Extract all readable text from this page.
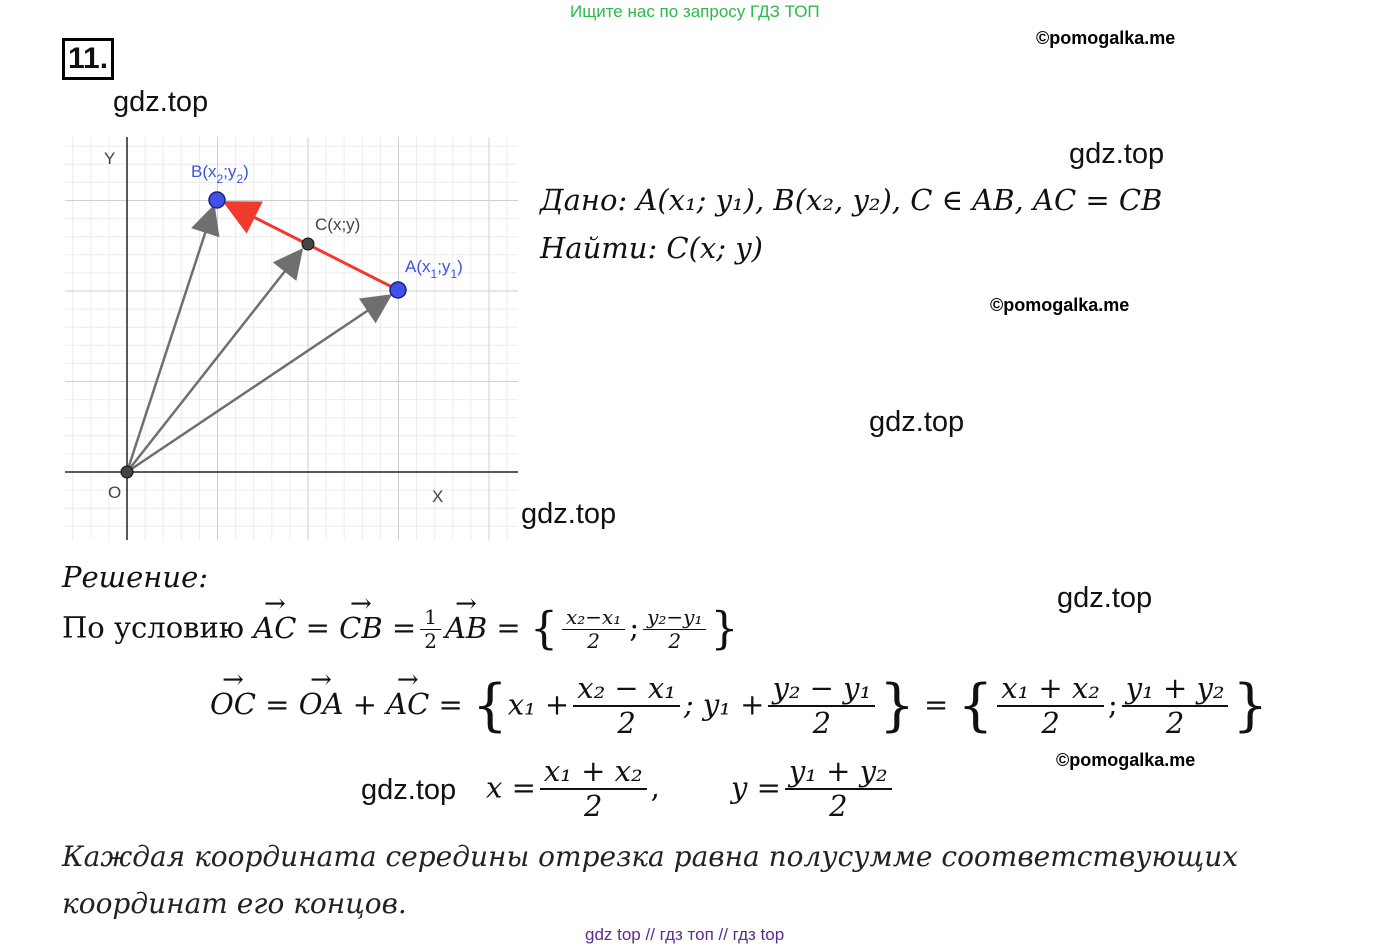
Ищите нас по запросу ГДЗ ТОП
11.
©pomogalka.me
gdz.top
Y
X
O
C(x;y)
$B(x_2;y_2)$
$A(x_1;y_1)$
gdz.top
Дано: A(x₁; y₁), B(x₂, y₂), C ∈ AB, AC = CB
Найти: C(x; y)
©pomogalka.me
gdz.top
gdz.top
Решение:
gdz.top
По условию → AC = → CB = $\frac{1}{2}$ → AB = { $\frac{\text{x₂−x₁}}{2}$ ; $\frac{\text{y₂−y₁}}{2}$ }
→ OC = → OA + → AC = {$x_1 + \frac{\text{x₂ − x₁}}{2}$ ; $y_1 + \frac{\text{y₂ − y₁}}{2}$ } = { $\frac{\text{x₁ + x₂}}{2}$ ; $\frac{\text{y₁ + y₂}}{2}$ }
©pomogalka.me
gdz.top $x = \frac{\text{x₁ + x₂}}{2}$ , $y = \frac{\text{y₁ + y₂}}{2}$
Каждая координата середины отрезка равна полусумме соответствующих
координат его концов.
gdz top // гдз топ // гдз top
